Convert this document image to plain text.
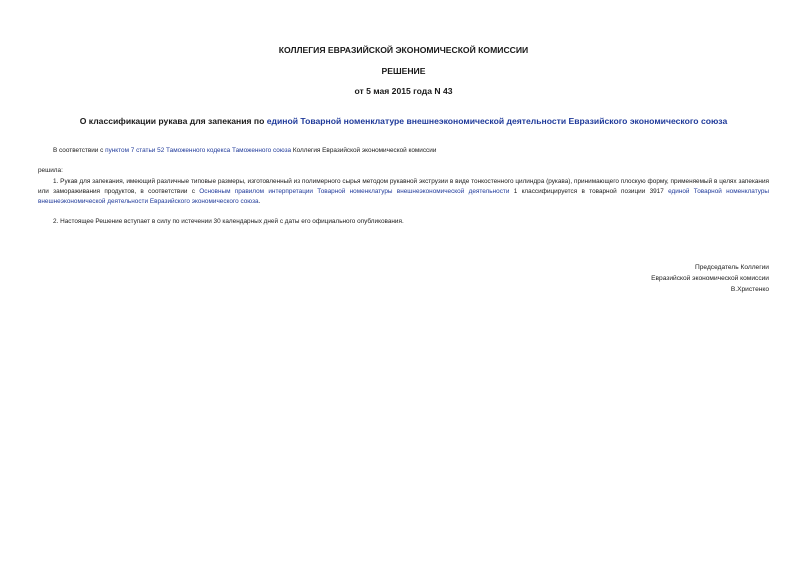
КОЛЛЕГИЯ ЕВРАЗИЙСКОЙ ЭКОНОМИЧЕСКОЙ КОМИССИИ

РЕШЕНИЕ

от 5 мая 2015 года N 43

О классификации рукава для запекания по единой Товарной номенклатуре внешнеэкономической деятельности Евразийского экономического союза

В соответствии с пунктом 7 статьи 52 Таможенного кодекса Таможенного союза Коллегия Евразийской экономической комиссии

решила:

1. Рукав для запекания, имеющий различные типовые размеры, изготовленный из полимерного сырья методом рукавной экструзии в виде тонкостенного цилиндра (рукава), принимающего плоскую форму, применяемый в целях запекания или замораживания продуктов, в соответствии с Основным правилом интерпретации Товарной номенклатуры внешнеэкономической деятельности 1 классифицируется в товарной позиции 3917 единой Товарной номенклатуры внешнеэкономической деятельности Евразийского экономического союза.

2. Настоящее Решение вступает в силу по истечении 30 календарных дней с даты его официального опубликования.

Председатель Коллегии

Евразийской экономической комиссии

В.Христенко
